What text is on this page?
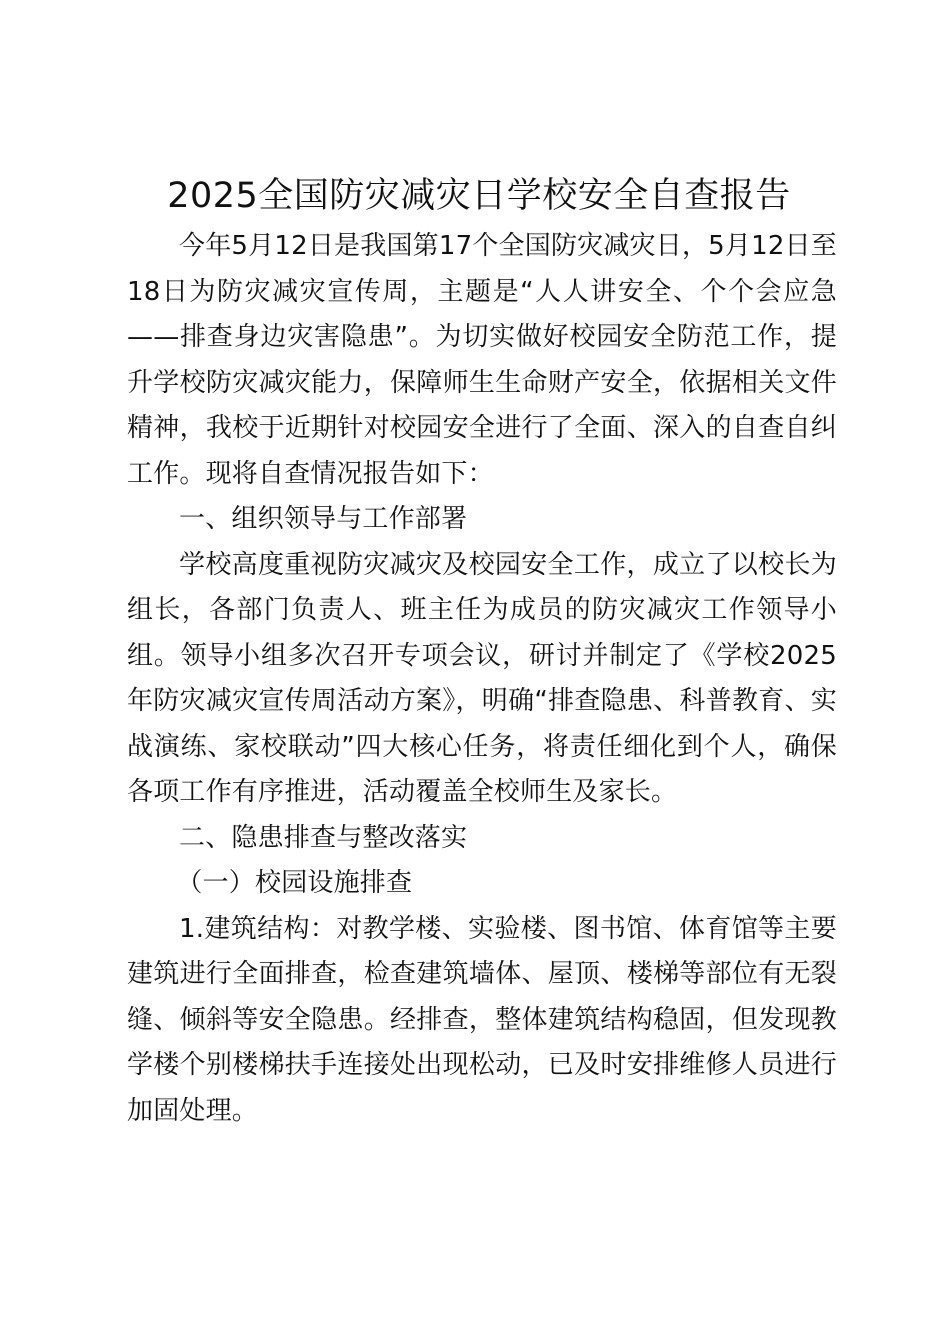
2025全国防灾减灾日学校安全自查报告

今年5月12日是我国第17个全国防灾减灾日，5月12日至18日为防灾减灾宣传周，主题是“人人讲安全、个个会应急——排查身边灾害隐患”。为切实做好校园安全防范工作，提升学校防灾减灾能力，保障师生生命财产安全，依据相关文件精神，我校于近期针对校园安全进行了全面、深入的自查自纠工作。现将自查情况报告如下：

一、组织领导与工作部署

学校高度重视防灾减灾及校园安全工作，成立了以校长为组长，各部门负责人、班主任为成员的防灾减灾工作领导小组。领导小组多次召开专项会议，研讨并制定了《学校2025年防灾减灾宣传周活动方案》，明确“排查隐患、科普教育、实战演练、家校联动”四大核心任务，将责任细化到个人，确保各项工作有序推进，活动覆盖全校师生及家长。

二、隐患排查与整改落实

（一）校园设施排查

1.建筑结构：对教学楼、实验楼、图书馆、体育馆等主要建筑进行全面排查，检查建筑墙体、屋顶、楼梯等部位有无裂缝、倾斜等安全隐患。经排查，整体建筑结构稳固，但发现教学楼个别楼梯扶手连接处出现松动，已及时安排维修人员进行加固处理。
